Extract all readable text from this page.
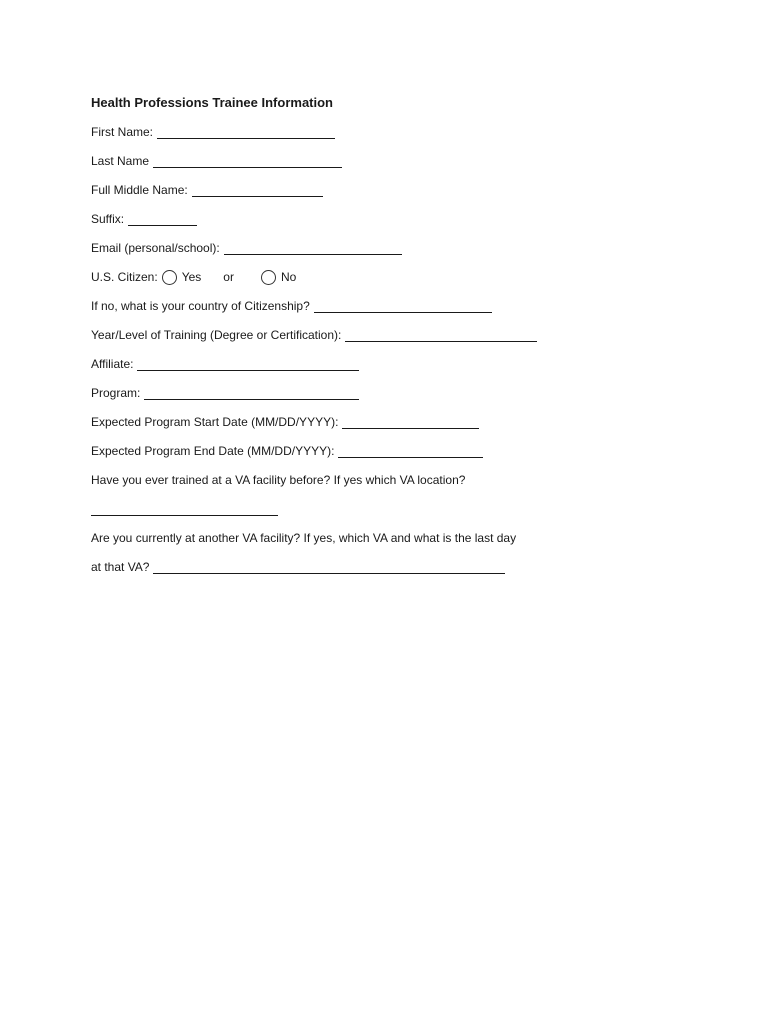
Health Professions Trainee Information
First Name:
Last Name
Full Middle Name:
Suffix:
Email (personal/school):
U.S. Citizen: Yes or	No
If no, what is your country of Citizenship?
Year/Level of Training (Degree or Certification):
Affiliate:
Program:
Expected Program Start Date (MM/DD/YYYY):
Expected Program End Date (MM/DD/YYYY):
Have you ever trained at a VA facility before? If yes which VA location?
Are you currently at another VA facility? If yes, which VA and what is the last day
at that VA?
